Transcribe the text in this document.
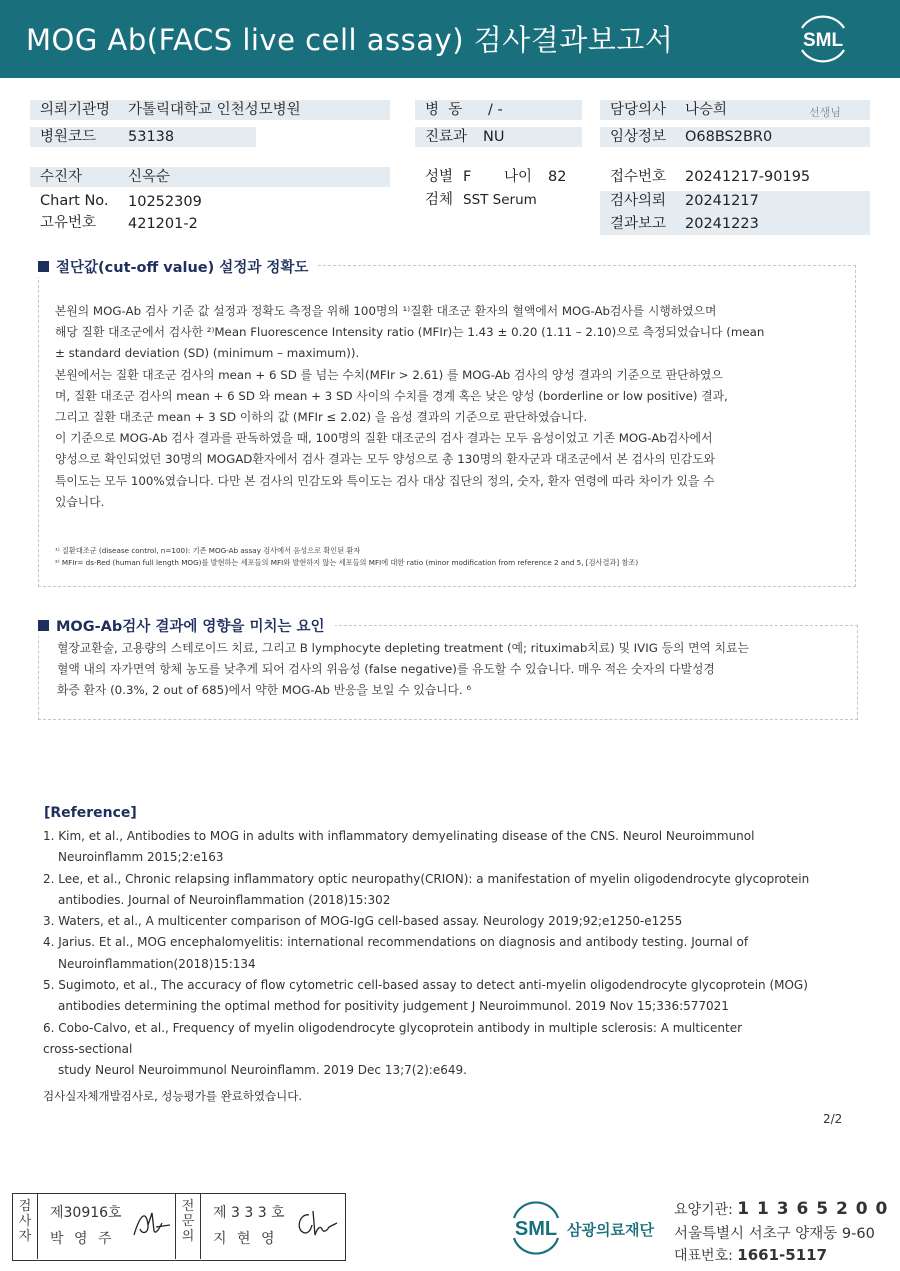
MOG Ab(FACS live cell assay) 검사결과보고서	SML
의뢰기관명 가톨릭대학교 인천성모병원
병원코드 53138
병  동 / -
진료과 NU
담당의사 나승희	선생님
임상정보 O68BS2BR0
수진자	신옥순
Chart No. 10252309
고유번호 421201-2
성별 F 나이 82
검체 SST Serum
접수번호 20241217-90195
검사의뢰 20241217
결과보고 20241223
절단값(cut-off value) 설정과 정확도
본원의 MOG-Ab 검사 기준 값 설정과 정확도 측정을 위해 100명의 ¹⁾질환 대조군 환자의 혈액에서 MOG-Ab검사를 시행하였으며
해당 질환 대조군에서 검사한 ²⁾Mean Fluorescence Intensity ratio (MFIr)는 1.43 ± 0.20 (1.11 – 2.10)으로 측정되었습니다 (mean
± standard deviation (SD) (minimum – maximum)).
본원에서는 질환 대조군 검사의 mean + 6 SD 를 넘는 수치(MFIr > 2.61) 를 MOG-Ab 검사의 양성 결과의 기준으로 판단하였으
며, 질환 대조군 검사의 mean + 6 SD 와 mean + 3 SD 사이의 수치를 경계 혹은 낮은 양성 (borderline or low positive) 결과,
그리고 질환 대조군 mean + 3 SD 이하의 값 (MFIr ≤ 2.02) 을 음성 결과의 기준으로 판단하였습니다.
이 기준으로 MOG-Ab 검사 결과를 판독하였을 때, 100명의 질환 대조군의 검사 결과는 모두 음성이었고 기존 MOG-Ab검사에서
양성으로 확인되었던 30명의 MOGAD환자에서 검사 결과는 모두 양성으로 총 130명의 환자군과 대조군에서 본 검사의 민감도와
특이도는 모두 100%였습니다. 다만 본 검사의 민감도와 특이도는 검사 대상 집단의 정의, 숫자, 환자 연령에 따라 차이가 있을 수
있습니다.
¹⁾ 질환대조군 (disease control, n=100): 기존 MOG-Ab assay 검사에서 음성으로 확인된 환자
²⁾ MFIr= ds-Red (human full length MOG)를 발현하는 세포들의 MFI와 발현하지 않는 세포들의 MFI에 대한 ratio (minor modification from reference 2 and 5, [검사결과] 참조)
MOG-Ab검사 결과에 영향을 미치는 요인
혈장교환술, 고용량의 스테로이드 치료, 그리고 B lymphocyte depleting treatment (예; rituximab치료) 및 IVIG 등의 면역 치료는
혈액 내의 자가면역 항체 농도를 낮추게 되어 검사의 위음성 (false negative)를 유도할 수 있습니다. 매우 적은 숫자의 다발성경
화증 환자 (0.3%, 2 out of 685)에서 약한 MOG-Ab 반응을 보일 수 있습니다. ⁶
[Reference]

1. Kim, et al., Antibodies to MOG in adults with inflammatory demyelinating disease of the CNS. Neurol Neuroimmunol

Neuroinflamm 2015;2:e163

2. Lee, et al., Chronic relapsing inflammatory optic neuropathy(CRION): a manifestation of myelin oligodendrocyte glycoprotein

antibodies. Journal of Neuroinflammation (2018)15:302

3. Waters, et al., A multicenter comparison of MOG-IgG cell-based assay. Neurology 2019;92;e1250-e1255

4. Jarius. Et al., MOG encephalomyelitis: international recommendations on diagnosis and antibody testing. Journal of

Neuroinflammation(2018)15:134

5. Sugimoto, et al., The accuracy of flow cytometric cell-based assay to detect anti-myelin oligodendrocyte glycoprotein (MOG)

antibodies determining the optimal method for positivity judgement J Neuroimmunol. 2019 Nov 15;336:577021

6. Cobo-Calvo, et al., Frequency of myelin oligodendrocyte glycoprotein antibody in multiple sclerosis: A multicenter

cross-sectional

study Neurol Neuroimmunol Neuroinflamm. 2019 Dec 13;7(2):e649.

검사실자체개발검사로, 성능평가를 완료하였습니다.
2/2
검사자
제30916호
박 영 주
전문의
제 3 3 3 호
지 현 영	SML 삼광의료재단
요양기관: 1 1 3 6 5 2 0 0
서울특별시 서초구 양재동 9-60
대표번호: 1661-5117
